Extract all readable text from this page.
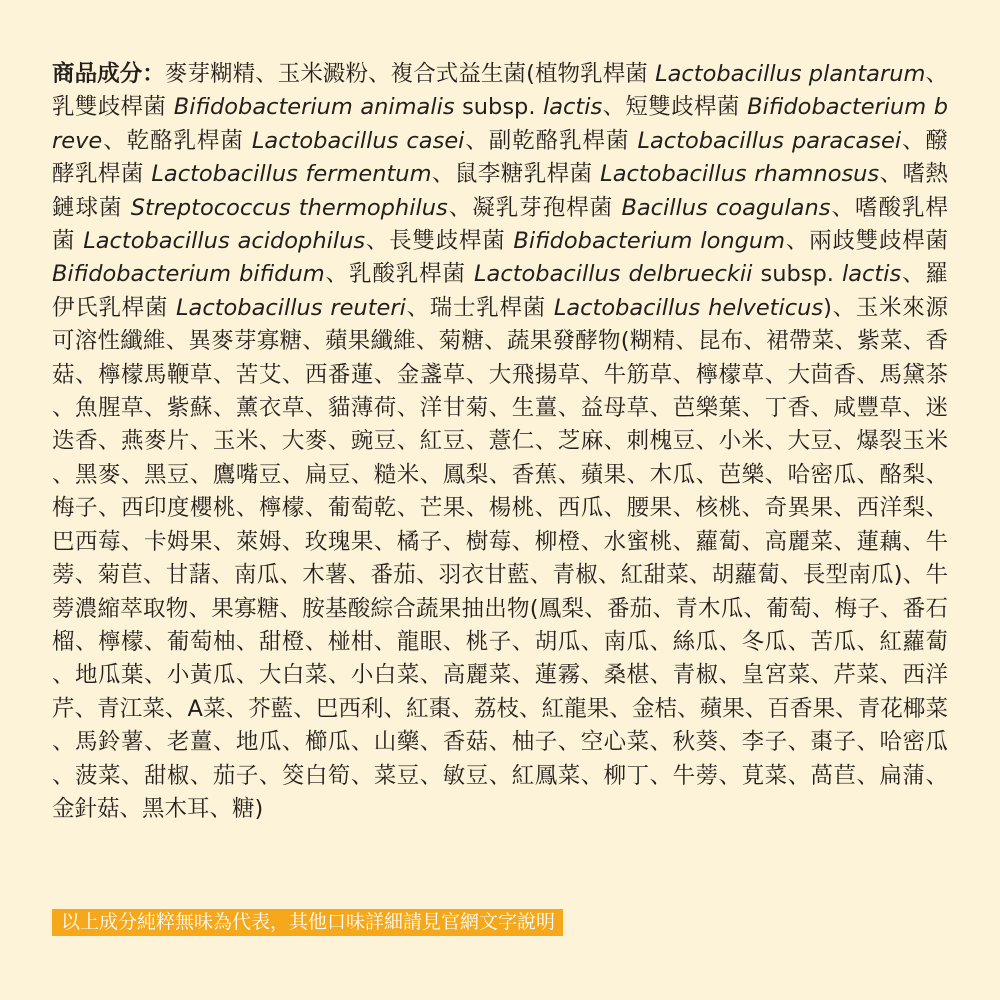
商品成分：麥芽糊精、玉米澱粉、複合式益生菌(植物乳桿菌 Lactobacillus plantarum、乳雙歧桿菌 Bifidobacterium animalis subsp. lactis、短雙歧桿菌 Bifidobacterium breve、乾酪乳桿菌 Lactobacillus casei、副乾酪乳桿菌 Lactobacillus paracasei、醱酵乳桿菌 Lactobacillus fermentum、鼠李糖乳桿菌 Lactobacillus rhamnosus、嗜熱鏈球菌 Streptococcus thermophilus、凝乳芽孢桿菌 Bacillus coagulans、嗜酸乳桿菌 Lactobacillus acidophilus、長雙歧桿菌 Bifidobacterium longum、兩歧雙歧桿菌 Bifidobacterium bifidum、乳酸乳桿菌 Lactobacillus delbrueckii subsp. lactis、羅伊氏乳桿菌 Lactobacillus reuteri、瑞士乳桿菌 Lactobacillus helveticus)、玉米來源可溶性纖維、異麥芽寡糖、蘋果纖維、菊糖、蔬果發酵物(糊精、昆布、裙帶菜、紫菜、香菇、檸檬馬鞭草、苦艾、西番蓮、金盞草、大飛揚草、牛筋草、檸檬草、大茴香、馬黛茶、魚腥草、紫蘇、薰衣草、貓薄荷、洋甘菊、生薑、益母草、芭樂葉、丁香、咸豐草、迷迭香、燕麥片、玉米、大麥、豌豆、紅豆、薏仁、芝麻、刺槐豆、小米、大豆、爆裂玉米、黑麥、黑豆、鷹嘴豆、扁豆、糙米、鳳梨、香蕉、蘋果、木瓜、芭樂、哈密瓜、酪梨、梅子、西印度櫻桃、檸檬、葡萄乾、芒果、楊桃、西瓜、腰果、核桃、奇異果、西洋梨、巴西莓、卡姆果、萊姆、玫瑰果、橘子、樹莓、柳橙、水蜜桃、蘿蔔、高麗菜、蓮藕、牛蒡、菊苣、甘藷、南瓜、木薯、番茄、羽衣甘藍、青椒、紅甜菜、胡蘿蔔、長型南瓜)、牛蒡濃縮萃取物、果寡糖、胺基酸綜合蔬果抽出物(鳳梨、番茄、青木瓜、葡萄、梅子、番石榴、檸檬、葡萄柚、甜橙、椪柑、龍眼、桃子、胡瓜、南瓜、絲瓜、冬瓜、苦瓜、紅蘿蔔、地瓜葉、小黃瓜、大白菜、小白菜、高麗菜、蓮霧、桑椹、青椒、皇宮菜、芹菜、西洋芹、青江菜、A菜、芥藍、巴西利、紅棗、荔枝、紅龍果、金桔、蘋果、百香果、青花椰菜、馬鈴薯、老薑、地瓜、櫛瓜、山藥、香菇、柚子、空心菜、秋葵、李子、棗子、哈密瓜、菠菜、甜椒、茄子、筊白筍、菜豆、敏豆、紅鳳菜、柳丁、牛蒡、莧菜、萵苣、扁蒲、金針菇、黑木耳、糖)

以上成分純粹無味為代表，其他口味詳細請見官網文字說明
